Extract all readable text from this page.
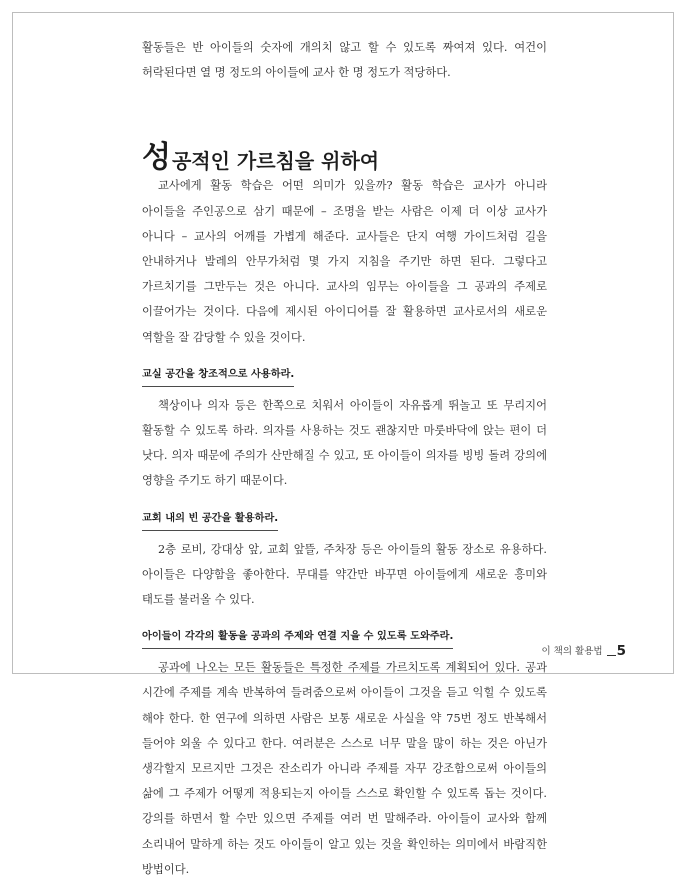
활동들은 반 아이들의 숫자에 개의치 않고 할 수 있도록 짜여져 있다. 여건이 허락된다면 열 명 정도의 아이들에 교사 한 명 정도가 적당하다.

성 공적인 가르침을 위하여

교사에게 활동 학습은 어떤 의미가 있을까? 활동 학습은 교사가 아니라 아이들을 주인공으로 삼기 때문에 – 조명을 받는 사람은 이제 더 이상 교사가 아니다 – 교사의 어깨를 가볍게 해준다. 교사들은 단지 여행 가이드처럼 길을 안내하거나 발레의 안무가처럼 몇 가지 지침을 주기만 하면 된다. 그렇다고 가르치기를 그만두는 것은 아니다. 교사의 임무는 아이들을 그 공과의 주제로 이끌어가는 것이다. 다음에 제시된 아이디어를 잘 활용하면 교사로서의 새로운 역할을 잘 감당할 수 있을 것이다.

교실 공간을 창조적으로 사용하라.

책상이나 의자 등은 한쪽으로 치워서 아이들이 자유롭게 뛰놀고 또 무리지어 활동할 수 있도록 하라. 의자를 사용하는 것도 괜찮지만 마룻바닥에 앉는 편이 더 낫다. 의자 때문에 주의가 산만해질 수 있고, 또 아이들이 의자를 빙빙 돌려 강의에 영향을 주기도 하기 때문이다.

교회 내의 빈 공간을 활용하라.

2층 로비, 강대상 앞, 교회 앞뜰, 주차장 등은 아이들의 활동 장소로 유용하다. 아이들은 다양함을 좋아한다. 무대를 약간만 바꾸면 아이들에게 새로운 흥미와 태도를 불러올 수 있다.

아이들이 각각의 활동을 공과의 주제와 연결 지을 수 있도록 도와주라.

공과에 나오는 모든 활동들은 특정한 주제를 가르치도록 계획되어 있다. 공과 시간에 주제를 계속 반복하여 들려줌으로써 아이들이 그것을 듣고 익힐 수 있도록 해야 한다. 한 연구에 의하면 사람은 보통 새로운 사실을 약 75번 정도 반복해서 들어야 외울 수 있다고 한다. 여러분은 스스로 너무 말을 많이 하는 것은 아닌가 생각할지 모르지만 그것은 잔소리가 아니라 주제를 자꾸 강조함으로써 아이들의 삶에 그 주제가 어떻게 적용되는지 아이들 스스로 확인할 수 있도록 돕는 것이다. 강의를 하면서 할 수만 있으면 주제를 여러 번 말해주라. 아이들이 교사와 함께 소리내어 말하게 하는 것도 아이들이 알고 있는 것을 확인하는 의미에서 바람직한 방법이다.

이 책의 활용법 5
